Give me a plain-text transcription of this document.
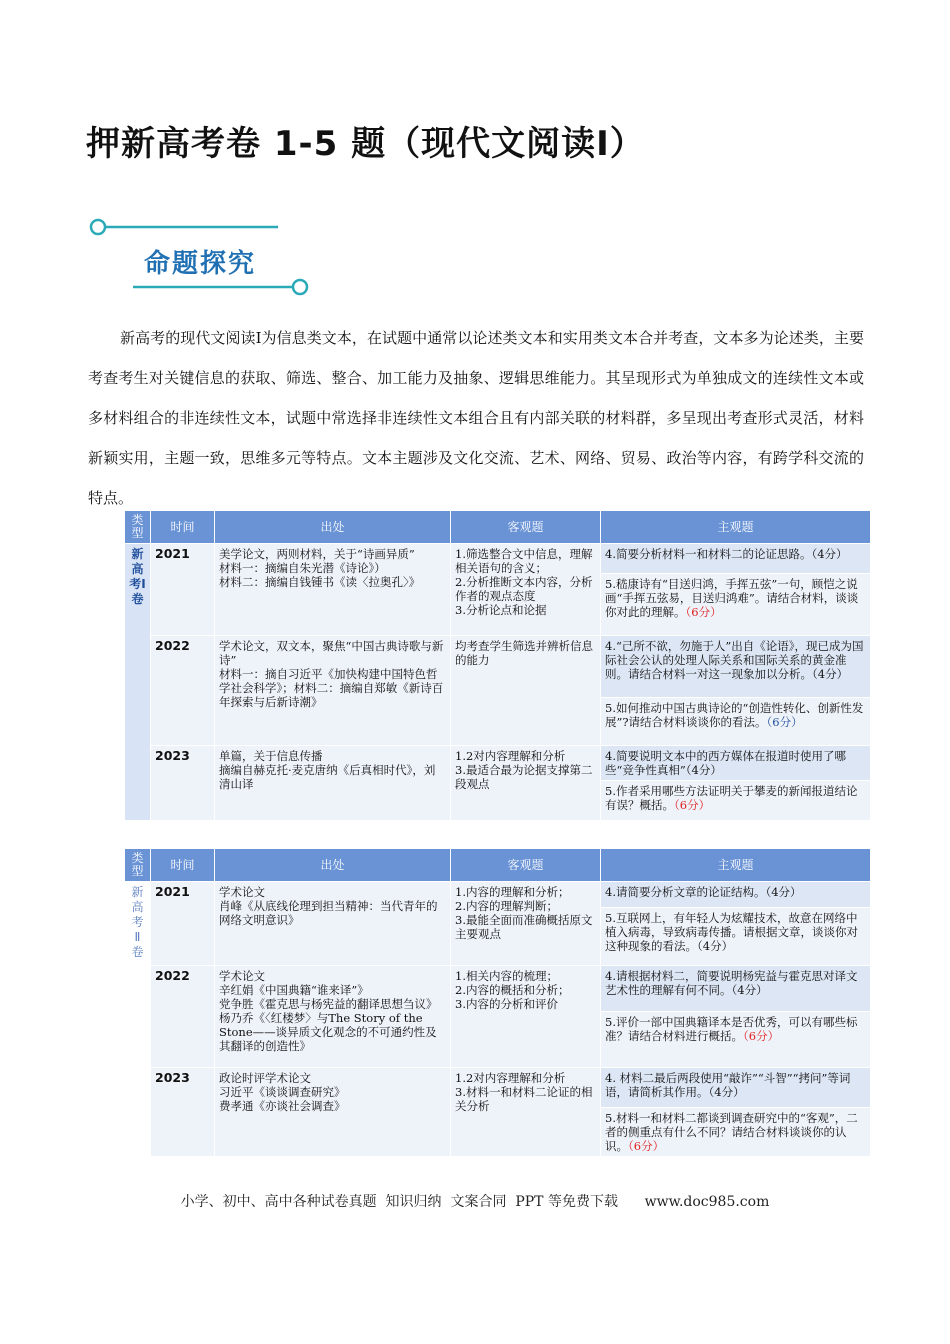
押新高考卷 1-5 题（现代文阅读Ⅰ）
命题探究
新高考的现代文阅读Ⅰ为信息类文本，在试题中通常以论述类文本和实用类文本合并考查，文本多为论述类，主要考查考生对关键信息的获取、筛选、整合、加工能力及抽象、逻辑思维能力。其呈现形式为单独成文的连续性文本或多材料组合的非连续性文本，试题中常选择非连续性文本组合且有内部关联的材料群，多呈现出考查形式灵活，材料新颖实用，主题一致，思维多元等特点。文本主题涉及文化交流、艺术、网络、贸易、政治等内容，有跨学科交流的特点。
类型	时间	出处	客观题	主观题
新高考Ⅰ卷	2021	美学论文，两则材料，关于“诗画异质”
材料一：摘编自朱光潜《诗论》）
材料二：摘编自钱锺书《读〈拉奥孔〉》	1.筛选整合文中信息，理解相关语句的含义；
2.分析推断文本内容，分析作者的观点态度
3.分析论点和论据	4.简要分析材料一和材料二的论证思路。（4分）
				5.嵇康诗有“目送归鸿，手挥五弦”一句，顾恺之说画“手挥五弦易，目送归鸿难”。请结合材料，谈谈你对此的理解。（6分）
	2022	学术论文，双文本，聚焦“中国古典诗歌与新诗”
材料一：摘自习近平《加快构建中国特色哲学社会科学》；材料二：摘编自郑敏《新诗百年探索与后新诗潮》	均考查学生筛选并辨析信息的能力	4.“己所不欲，勿施于人”出自《论语》，现已成为国际社会公认的处理人际关系和国际关系的黄金准则。请结合材料一对这一现象加以分析。（4分）
				5.如何推动中国古典诗论的“创造性转化、创新性发展”?请结合材料谈谈你的看法。（6分）
	2023	单篇，关于信息传播
摘编自赫克托·麦克唐纳《后真相时代》，刘清山译	1.2对内容理解和分析
3.最适合最为论据支撑第二段观点	4.简要说明文本中的西方媒体在报道时使用了哪些“竞争性真相”（4分）
				5.作者采用哪些方法证明关于攀麦的新闻报道结论有误？概括。（6分）
类型	时间	出处	客观题	主观题
新高考Ⅱ卷	2021	学术论文
肖峰《从底线伦理到担当精神：当代青年的网络文明意识》	1.内容的理解和分析；
2.内容的理解判断；
3.最能全面而准确概括原文主要观点	4.请简要分析文章的论证结构。（4分）
				5.互联网上，有年轻人为炫耀技术，故意在网络中植入病毒，导致病毒传播。请根据文章，谈谈你对这种现象的看法。（4分）
	2022	学术论文
辛红娟《中国典籍“谁来译”》
党争胜《霍克思与杨宪益的翻译思想刍议》
杨乃乔《〈红楼梦〉与The Story of the Stone——谈异质文化观念的不可通约性及其翻译的创造性》	1.相关内容的梳理；
2.内容的概括和分析；
3.内容的分析和评价	4.请根据材料二，简要说明杨宪益与霍克思对译文艺术性的理解有何不同。（4分）
				5.评价一部中国典籍译本是否优秀，可以有哪些标准？请结合材料进行概括。（6分）
	2023	政论时评学术论文
习近平《谈谈调查研究》
费孝通《亦谈社会调查》	1.2对内容理解和分析
3.材料一和材料二论证的相关分析	4. 材料二最后两段使用“敲诈”“斗智”“拷问”等词语，请简析其作用。（4分）
				5.材料一和材料二都谈到调查研究中的“客观”，二者的侧重点有什么不同？请结合材料谈谈你的认识。（6分）
小学、初中、高中各种试卷真题  知识归纳  文案合同  PPT 等免费下载      www.doc985.com
